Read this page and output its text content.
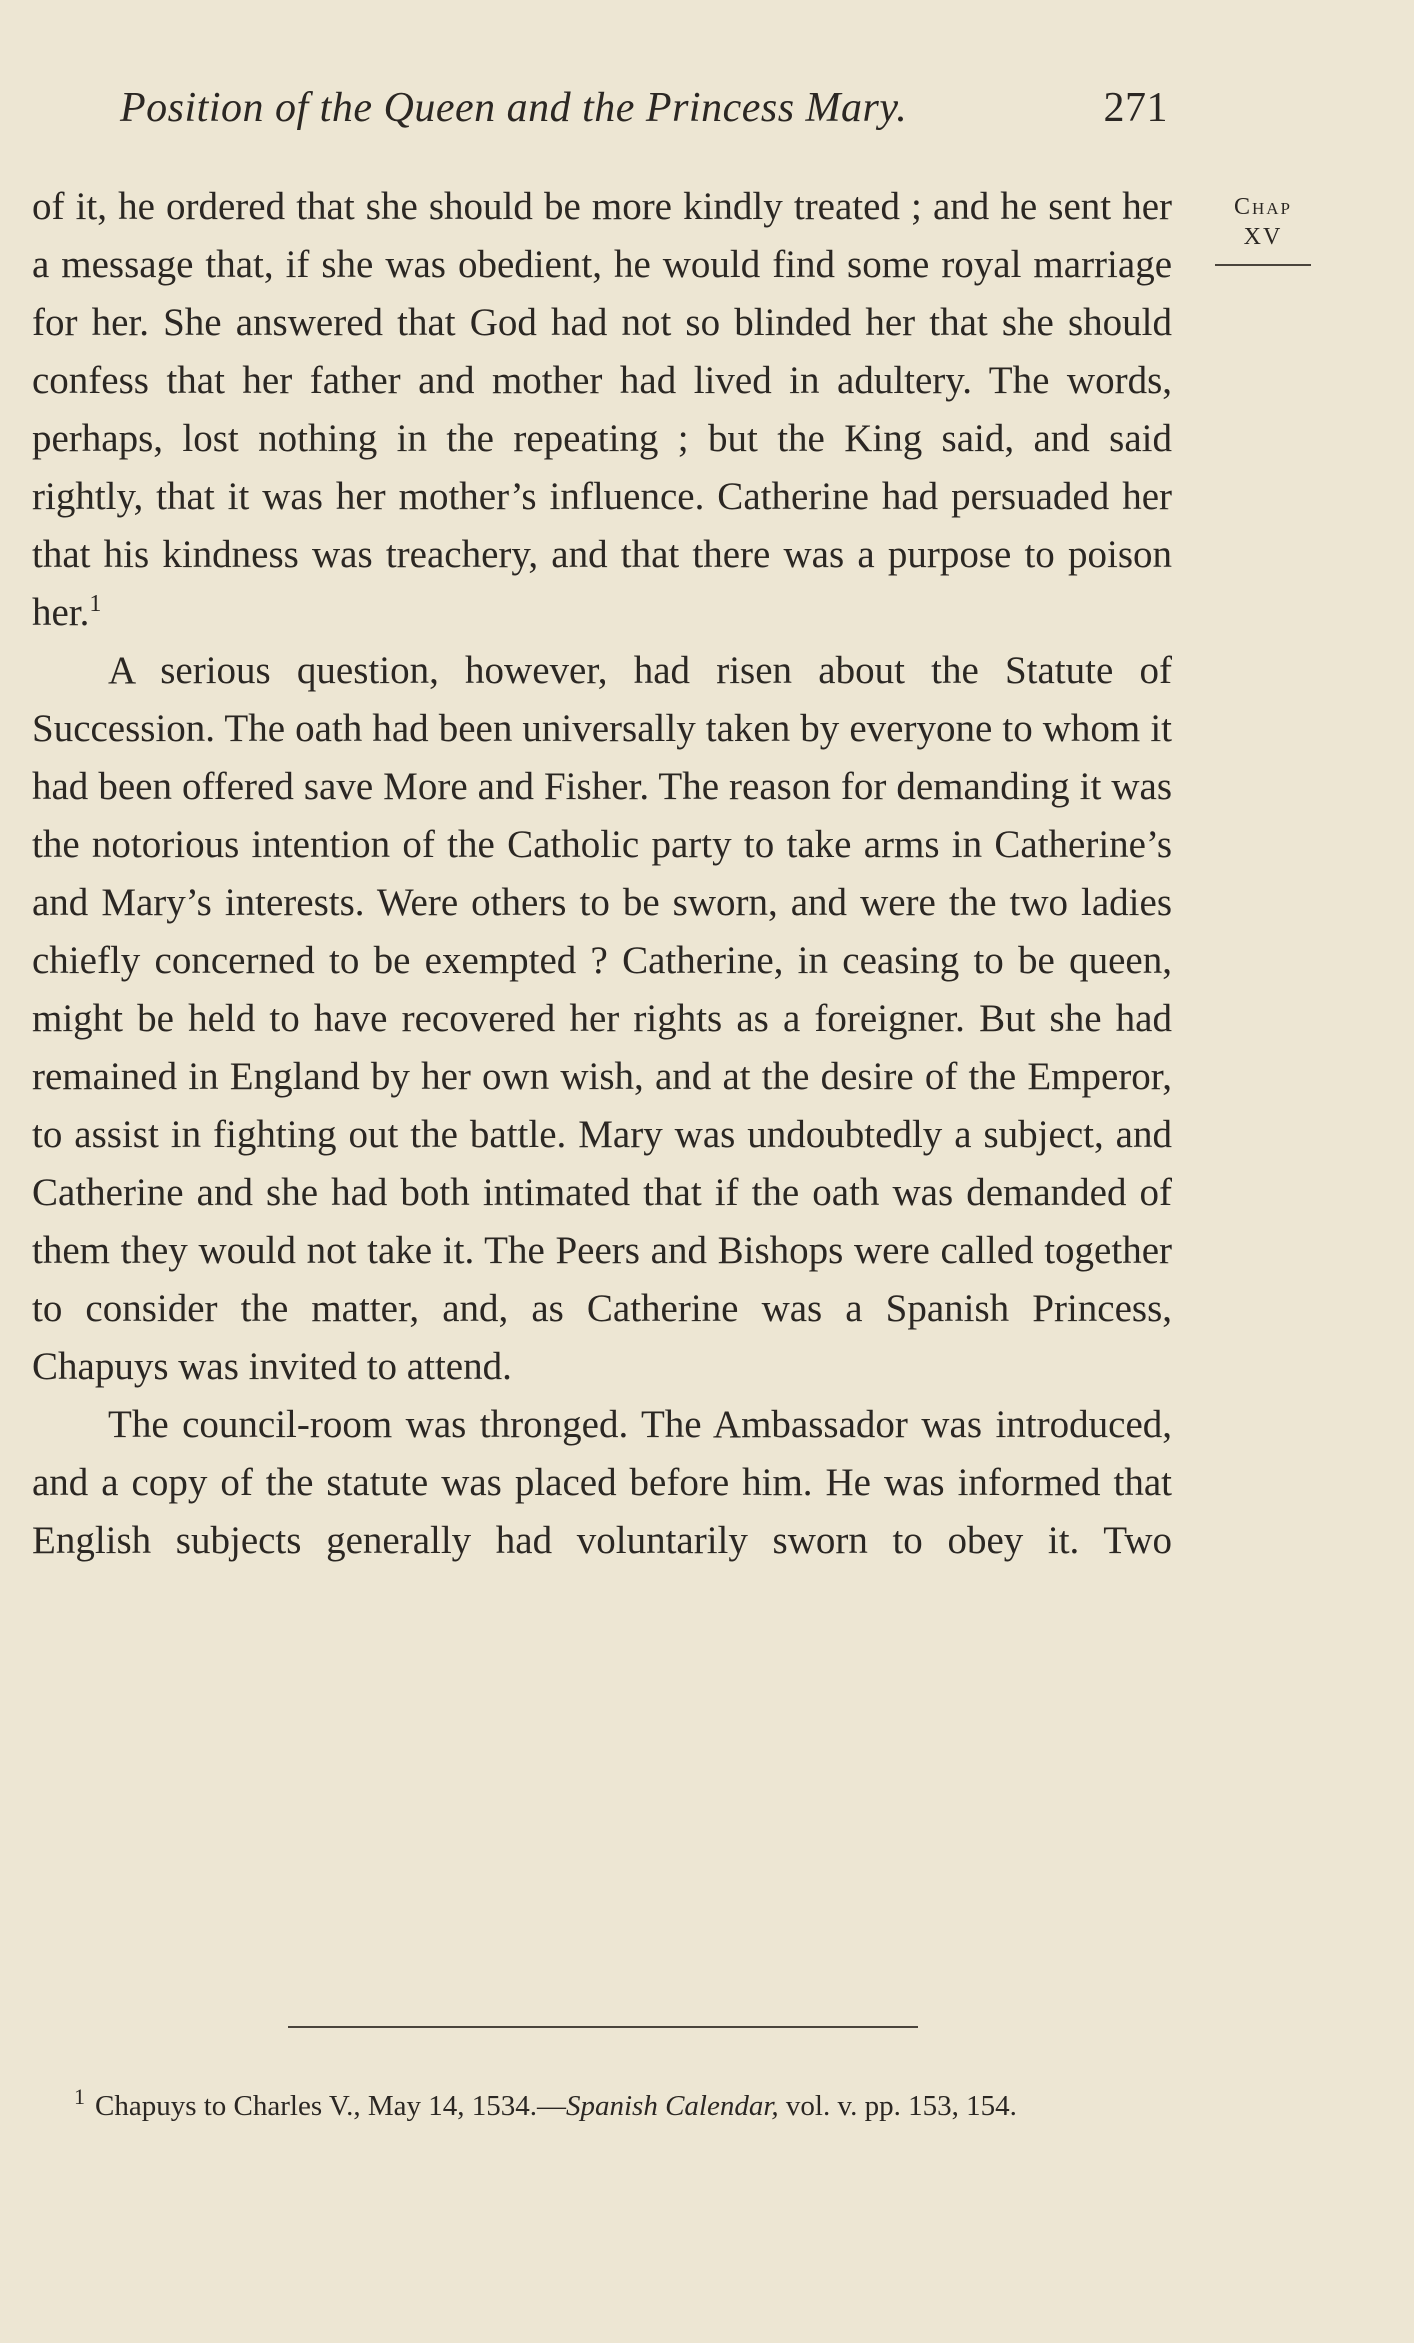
Position of the Queen and the Princess Mary.	271
Chap
XV

of it, he ordered that she should be more kindly treated ; and he sent her a message that, if she was obedient, he would find some royal marriage for her. She answered that God had not so blinded her that she should confess that her father and mother had lived in adultery. The words, perhaps, lost nothing in the repeating ; but the King said, and said rightly, that it was her mother’s influence. Catherine had persuaded her that his kindness was treachery, and that there was a purpose to poison her.$^1$

A serious question, however, had risen about the Statute of Succession. The oath had been universally taken by everyone to whom it had been offered save More and Fisher. The reason for demanding it was the notorious intention of the Catholic party to take arms in Catherine’s and Mary’s interests. Were others to be sworn, and were the two ladies chiefly concerned to be exempted ? Catherine, in ceasing to be queen, might be held to have recovered her rights as a foreigner. But she had remained in England by her own wish, and at the desire of the Emperor, to assist in fighting out the battle. Mary was undoubtedly a subject, and Catherine and she had both intimated that if the oath was demanded of them they would not take it. The Peers and Bishops were called together to consider the matter, and, as Catherine was a Spanish Princess, Chapuys was invited to attend.

The council-room was thronged. The Ambassador was introduced, and a copy of the statute was placed before him. He was informed that English subjects generally had voluntarily sworn to obey it. Two

$^1$ Chapuys to Charles V., May 14, 1534.—Spanish Calendar, vol. v. pp. 153, 154.
